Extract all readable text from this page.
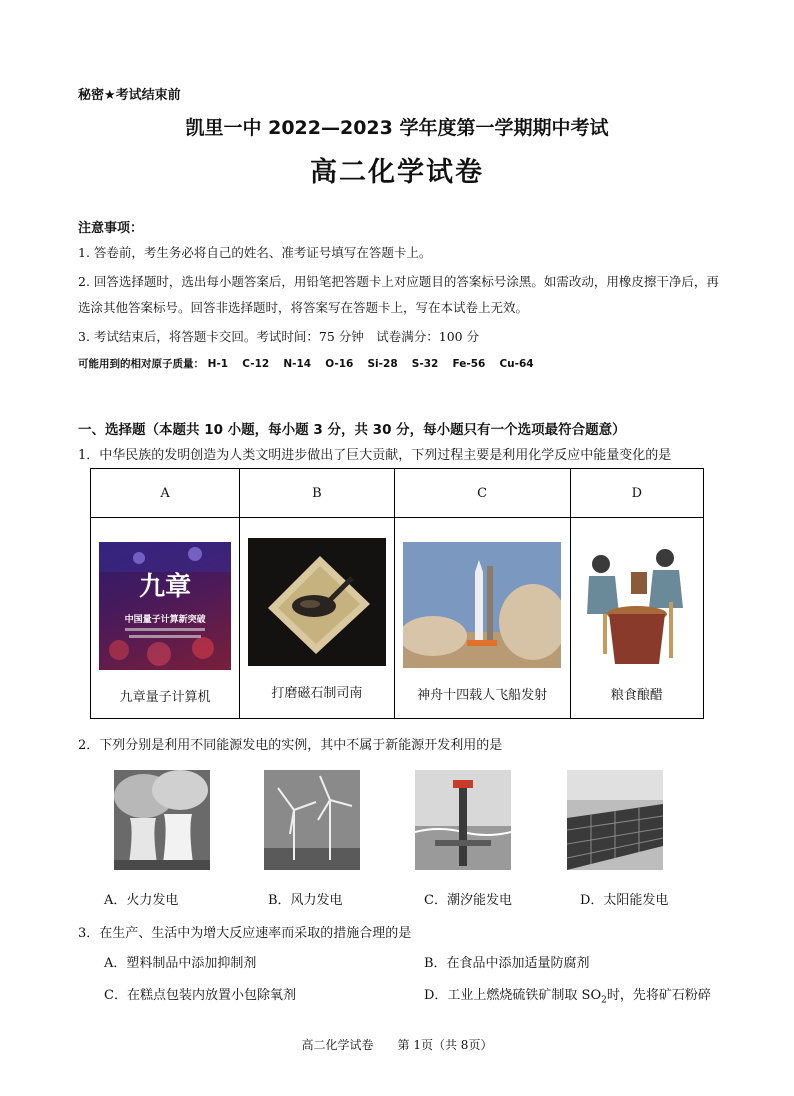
秘密★考试结束前
凯里一中 2022—2023 学年度第一学期期中考试
高二化学试卷
注意事项：
1. 答卷前，考生务必将自己的姓名、准考证号填写在答题卡上。
2. 回答选择题时，选出每小题答案后，用铅笔把答题卡上对应题目的答案标号涂黑。如需改动，用橡皮擦干净后，再选涂其他答案标号。回答非选择题时，将答案写在答题卡上，写在本试卷上无效。
3. 考试结束后，将答题卡交回。考试时间：75 分钟　试卷满分：100 分
可能用到的相对原子质量： H-1　 C-12　 N-14　 O-16　 Si-28　 S-32　 Fe-56　 Cu-64
一、选择题（本题共 10 小题，每小题 3 分，共 30 分，每小题只有一个选项最符合题意）
1．中华民族的发明创造为人类文明进步做出了巨大贡献，下列过程主要是利用化学反应中能量变化的是
A	B	C	D

九章
中国量子计算新突破
九章量子计算机	打磨磁石制司南	神舟十四载人飞船发射	粮食酿醋
2．下列分别是利用不同能源发电的实例，其中不属于新能源开发利用的是
A．火力发电	B．风力发电	C．潮汐能发电	D．太阳能发电
3．在生产、生活中为增大反应速率而采取的措施合理的是
A．塑料制品中添加抑制剂	B．在食品中添加适量防腐剂
C．在糕点包装内放置小包除氧剂	D．工业上燃烧硫铁矿制取 $SO_2$时，先将矿石粉碎
高二化学试卷　　第 1页（共 8页）
